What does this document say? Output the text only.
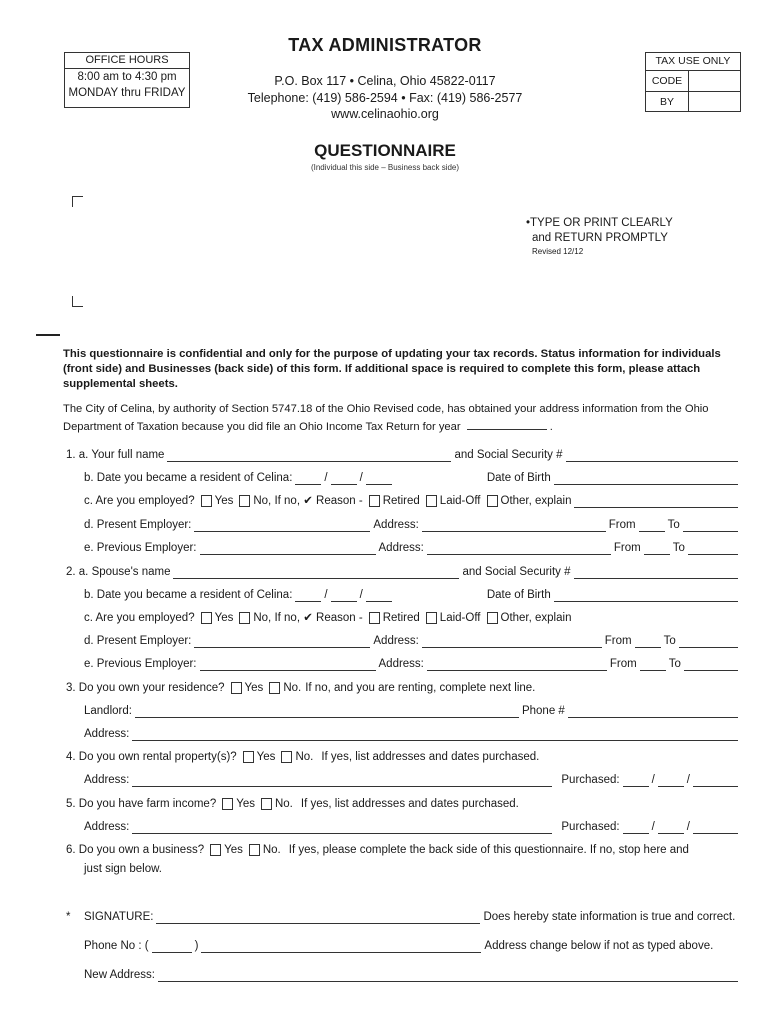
OFFICE HOURS
8:00 am to 4:30 pm
MONDAY thru FRIDAY
TAX USE ONLY
CODE
BY
TAX ADMINISTRATOR
P.O. Box 117 • Celina, Ohio 45822-0117
Telephone: (419) 586-2594 • Fax: (419) 586-2577
www.celinaohio.org
QUESTIONNAIRE
(Individual this side – Business back side)
•TYPE OR PRINT CLEARLY
and RETURN PROMPTLY
Revised 12/12
This questionnaire is confidential and only for the purpose of updating your tax records. Status information for individuals (front side) and Businesses (back side) of this form. If additional space is required to complete this form, please attach supplemental sheets.
The City of Celina, by authority of Section 5747.18 of the Ohio Revised code, has obtained your address information from the Ohio Department of Taxation because you did file an Ohio Income Tax Return for year	.
1. a. Your full name	and Social Security #
b. Date you became a resident of Celina:	/	/	Date of Birth
c. Are you employed? Yes No, If no, ✔ Reason - Retired Laid-Off Other, explain
d. Present Employer:	Address:	From	To
e. Previous Employer:	Address:	From	To
2. a. Spouse's name	and Social Security #
b. Date you became a resident of Celina:	/	/	Date of Birth
c. Are you employed? Yes No, If no, ✔ Reason - Retired Laid-Off Other, explain
d. Present Employer:	Address:	From	To
e. Previous Employer:	Address:	From	To
3. Do you own your residence? Yes No. If no, and you are renting, complete next line.
Landlord:	Phone #
Address:
4. Do you own rental property(s)? Yes No. If yes, list addresses and dates purchased.
Address:	Purchased:	/	/
5. Do you have farm income? Yes No. If yes, list addresses and dates purchased.
Address:	Purchased:	/	/
6. Do you own a business? Yes No. If yes, please complete the back side of this questionnaire. If no, stop here and
just sign below.
*	SIGNATURE:	Does hereby state information is true and correct.
Phone No : (	)	Address change below if not as typed above.
New Address:
